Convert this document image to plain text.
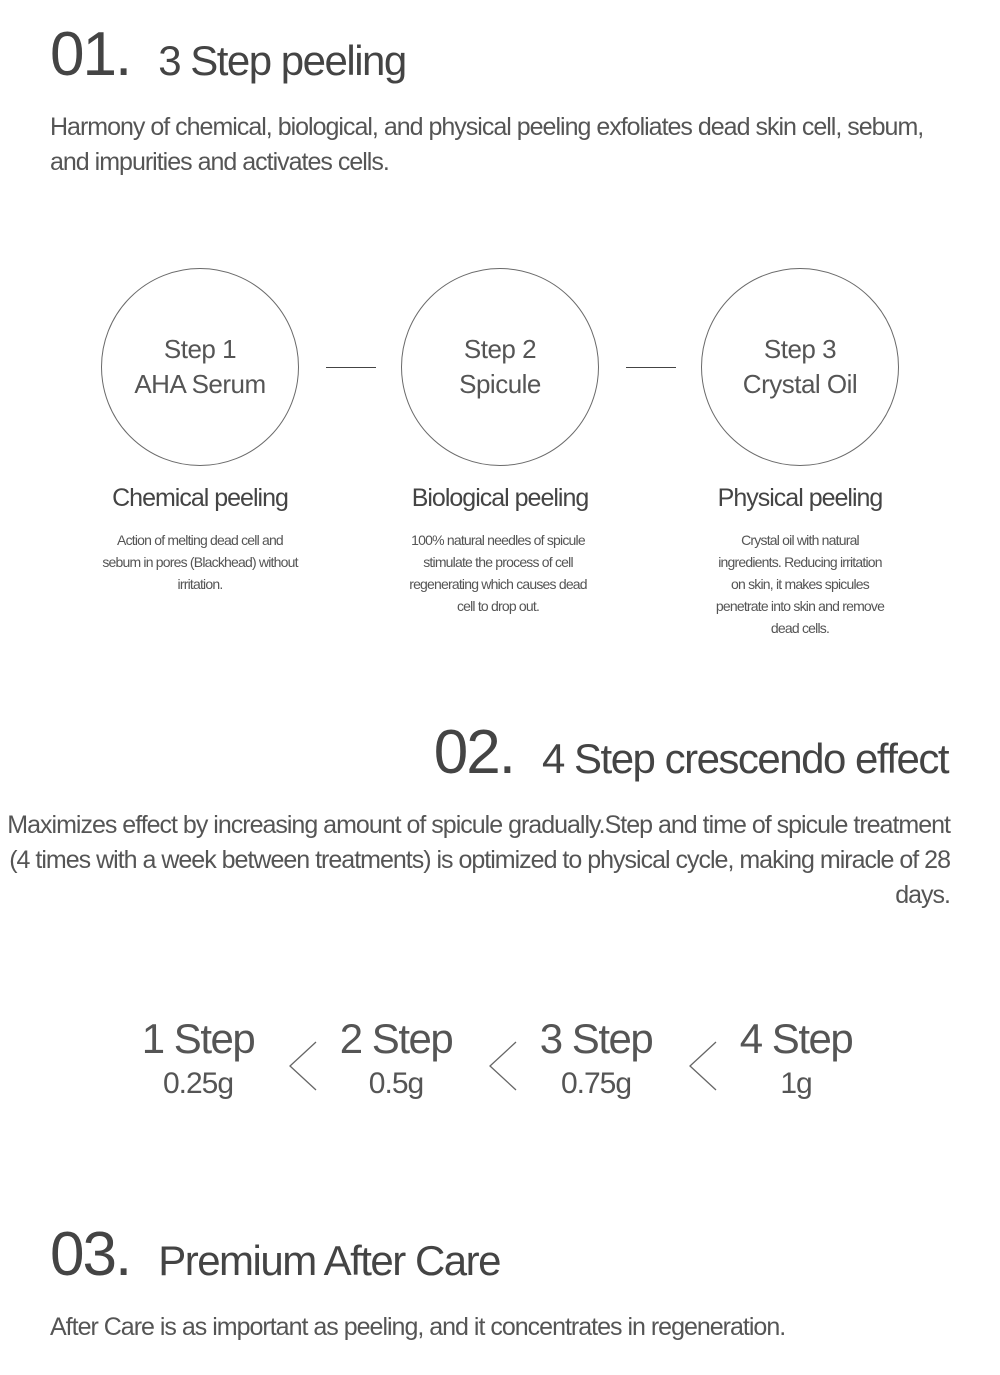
01. 3 Step peeling
Harmony of chemical, biological, and physical peeling exfoliates dead skin cell, sebum, and impurities and activates cells.
Step 1
AHA Serum
Step 2
Spicule
Step 3
Crystal Oil
Chemical peeling	Biological peeling	Physical peeling
Action of melting dead cell and sebum in pores (Blackhead) without irritation.
100% natural needles of spicule stimulate the process of cell regenerating which causes dead cell to drop out.
Crystal oil with natural ingredients. Reducing irritation on skin, it makes spicules penetrate into skin and remove dead cells.
02. 4 Step crescendo effect
Maximizes effect by increasing amount of spicule gradually.Step and time of spicule treatment (4 times with a week between treatments) is optimized to physical cycle, making miracle of 28 days.
1 Step
0.25g
2 Step
0.5g
3 Step
0.75g
4 Step
1g
03. Premium After Care
After Care is as important as peeling, and it concentrates in regeneration.
